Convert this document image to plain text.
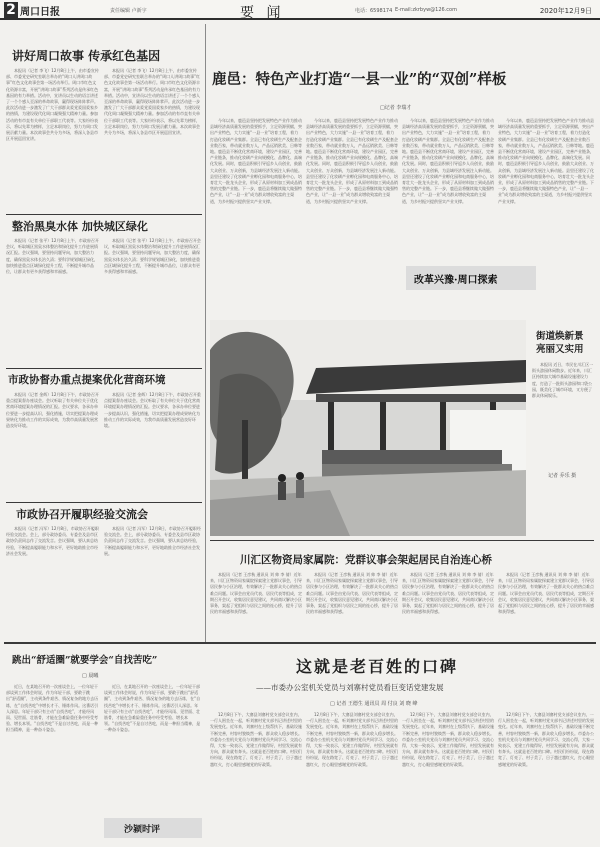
2 周口日报	责任编辑 卢新宇	电话：6598174 E-mail:zkrbyw@126.com
要 闻	2020年12月9日
讲好周口故事 传承红色基因
本报讯（记者 李飞）12月8日上午，由市委宣传部、市委党史研究室联合举办的“周口人讲周口故事”红色文化故事会第一场活动举行。周口市红色文化资源丰富，开展“讲周口故事”系列活动是传承红色基因的有力举措。活动中，宣讲员以生动的语言讲述了一个个感人至深的革命故事，赢得现场阵阵掌声。此次活动进一步激发了广大干部群众爱党爱国爱家乡的热情，为建设现代化周口凝聚强大精神力量。参加活动的有市直有关单位干部职工代表等。大家纷纷表示，将以先辈为榜样，立足本职岗位，努力为周口发展贡献力量。本次故事会共分为多场，将深入各县市区开展巡回宣讲。
本报讯（记者 李飞）12月8日上午，由市委宣传部、市委党史研究室联合举办的“周口人讲周口故事”红色文化故事会第一场活动举行。周口市红色文化资源丰富，开展“讲周口故事”系列活动是传承红色基因的有力举措。活动中，宣讲员以生动的语言讲述了一个个感人至深的革命故事，赢得现场阵阵掌声。此次活动进一步激发了广大干部群众爱党爱国爱家乡的热情，为建设现代化周口凝聚强大精神力量。参加活动的有市直有关单位干部职工代表等。大家纷纷表示，将以先辈为榜样，立足本职岗位，努力为周口发展贡献力量。本次故事会共分为多场，将深入各县市区开展巡回宣讲。
整治黑臭水体 加快城区绿化
本报讯（记者 张平）12月8日上午，市政府召开会议，听取城区黑臭水体整治和绿化提升工作进展情况汇报。会议强调，要坚持问题导向，加大整治力度，确保黑臭水体长治久清；要科学规划城区绿化，加快推进重点区域绿化提升工程，不断提升城市品位，让群众有更多获得感和幸福感。
本报讯（记者 张平）12月8日上午，市政府召开会议，听取城区黑臭水体整治和绿化提升工作进展情况汇报。会议强调，要坚持问题导向，加大整治力度，确保黑臭水体长治久清；要科学规划城区绿化，加快推进重点区域绿化提升工程，不断提升城市品位，让群众有更多获得感和幸福感。
市政协督办重点提案优化营商环境
本报讯（记者 金辉）12月8日下午，市政协召开重点提案督办座谈会。会议听取了有关单位关于优化营商环境提案办理情况的汇报。会议要求，各承办单位要进一步提高认识，强化措施，切实把提案办理成果转化为推动工作的实际成效，为我市高质量发展营造良好环境。
本报讯（记者 金辉）12月8日下午，市政协召开重点提案督办座谈会。会议听取了有关单位关于优化营商环境提案办理情况的汇报。会议要求，各承办单位要进一步提高认识，强化措施，切实把提案办理成果转化为推动工作的实际成效，为我市高质量发展营造良好环境。
市政协召开履职经验交流会
本报讯（记者 冯军）12月8日，市政协召开履职经验交流会。会上，部分政协委员、专委会及县市区政协负责同志作了交流发言。会议强调，要认真总结经验，不断提高履职能力和水平，更好地助推全市经济社会发展。
本报讯（记者 冯军）12月8日，市政协召开履职经验交流会。会上，部分政协委员、专委会及县市区政协负责同志作了交流发言。会议强调，要认真总结经验，不断提高履职能力和水平，更好地助推全市经济社会发展。
鹿邑：特色产业打造“一县一业”的“双创”样板
□记者 李瑞才
今年以来，鹿邑县坚持把发展特色产业作为推动县域经济高质量发展的重要抓手，立足资源禀赋，突出产业特色，大力实施“一县一业”培育工程，着力打造化妆刷产业集群。全县已有化妆刷生产及配套企业数百家，带动就业数万人，产品远销欧美、日韩等地。鹿邑县不断优化营商环境，建设产业园区，完善产业链条，推动化妆刷产业向规模化、品牌化、高端化发展。同时，鹿邑县积极引导返乡人员创业，鼓励大众创业、万众创新，为县域经济发展注入新动能。县里还建设了化妆刷产业孵化园和电商服务中心，培育壮大一批龙头企业，形成了从原材料加工到成品销售的完整产业链。下一步，鹿邑县将继续做大做强特色产业，让“一县一业”成为群众增收致富的主渠道，为乡村振兴提供坚实产业支撑。
今年以来，鹿邑县坚持把发展特色产业作为推动县域经济高质量发展的重要抓手，立足资源禀赋，突出产业特色，大力实施“一县一业”培育工程，着力打造化妆刷产业集群。全县已有化妆刷生产及配套企业数百家，带动就业数万人，产品远销欧美、日韩等地。鹿邑县不断优化营商环境，建设产业园区，完善产业链条，推动化妆刷产业向规模化、品牌化、高端化发展。同时，鹿邑县积极引导返乡人员创业，鼓励大众创业、万众创新，为县域经济发展注入新动能。县里还建设了化妆刷产业孵化园和电商服务中心，培育壮大一批龙头企业，形成了从原材料加工到成品销售的完整产业链。下一步，鹿邑县将继续做大做强特色产业，让“一县一业”成为群众增收致富的主渠道，为乡村振兴提供坚实产业支撑。
今年以来，鹿邑县坚持把发展特色产业作为推动县域经济高质量发展的重要抓手，立足资源禀赋，突出产业特色，大力实施“一县一业”培育工程，着力打造化妆刷产业集群。全县已有化妆刷生产及配套企业数百家，带动就业数万人，产品远销欧美、日韩等地。鹿邑县不断优化营商环境，建设产业园区，完善产业链条，推动化妆刷产业向规模化、品牌化、高端化发展。同时，鹿邑县积极引导返乡人员创业，鼓励大众创业、万众创新，为县域经济发展注入新动能。县里还建设了化妆刷产业孵化园和电商服务中心，培育壮大一批龙头企业，形成了从原材料加工到成品销售的完整产业链。下一步，鹿邑县将继续做大做强特色产业，让“一县一业”成为群众增收致富的主渠道，为乡村振兴提供坚实产业支撑。
今年以来，鹿邑县坚持把发展特色产业作为推动县域经济高质量发展的重要抓手，立足资源禀赋，突出产业特色，大力实施“一县一业”培育工程，着力打造化妆刷产业集群。全县已有化妆刷生产及配套企业数百家，带动就业数万人，产品远销欧美、日韩等地。鹿邑县不断优化营商环境，建设产业园区，完善产业链条，推动化妆刷产业向规模化、品牌化、高端化发展。同时，鹿邑县积极引导返乡人员创业，鼓励大众创业、万众创新，为县域经济发展注入新动能。县里还建设了化妆刷产业孵化园和电商服务中心，培育壮大一批龙头企业，形成了从原材料加工到成品销售的完整产业链。下一步，鹿邑县将继续做大做强特色产业，让“一县一业”成为群众增收致富的主渠道，为乡村振兴提供坚实产业支撑。
改革兴豫·周口探索
街道焕新景 亮丽又实用
本报讯 近日，市民在川汇区一街头游园休闲散步。近年来，川汇区持续加大城市基础设施建设力度，打造了一批街头游园和口袋公园，既美化了城市环境，又方便了群众休闲娱乐。
记者 乔乐 摄
川汇区物资局家属院：党群议事会架起居民自治连心桥
本报讯（记者 王彦秋 通讯员 刘 帅 李 倩）近年来，川汇区物资局家属院探索建立党群议事会，引导居民参与小区治理，有效解决了一批群众关心的热点难点问题。议事会由党员代表、居民代表等组成，定期召开会议，收集居民意见建议，共同商议解决小区事务，架起了党组织与居民之间的连心桥，提升了居民的幸福感和获得感。
本报讯（记者 王彦秋 通讯员 刘 帅 李 倩）近年来，川汇区物资局家属院探索建立党群议事会，引导居民参与小区治理，有效解决了一批群众关心的热点难点问题。议事会由党员代表、居民代表等组成，定期召开会议，收集居民意见建议，共同商议解决小区事务，架起了党组织与居民之间的连心桥，提升了居民的幸福感和获得感。
本报讯（记者 王彦秋 通讯员 刘 帅 李 倩）近年来，川汇区物资局家属院探索建立党群议事会，引导居民参与小区治理，有效解决了一批群众关心的热点难点问题。议事会由党员代表、居民代表等组成，定期召开会议，收集居民意见建议，共同商议解决小区事务，架起了党组织与居民之间的连心桥，提升了居民的幸福感和获得感。
本报讯（记者 王彦秋 通讯员 刘 帅 李 倩）近年来，川汇区物资局家属院探索建立党群议事会，引导居民参与小区治理，有效解决了一批群众关心的热点难点问题。议事会由党员代表、居民代表等组成，定期召开会议，收集居民意见建议，共同商议解决小区事务，架起了党组织与居民之间的连心桥，提升了居民的幸福感和获得感。
跳出“舒适圈”就要学会“自找苦吃”
□ 晨曦
近日，在某地召开的一次座谈会上，一位年轻干部谈到工作体会时说，作为年轻干部，要敢于跳出“舒适圈”，主动到条件艰苦、情况复杂的地方去历练，在“自找苦吃”中增长才干、锤炼作风。这番话引人深思。年轻干部只有主动“自找苦吃”，才能经风雨、见世面、壮筋骨，才能在急难险重任务中经受考验、增长本领。“自找苦吃”不是自讨苦吃，而是一种担当精神，是一种奋斗姿态。
近日，在某地召开的一次座谈会上，一位年轻干部谈到工作体会时说，作为年轻干部，要敢于跳出“舒适圈”，主动到条件艰苦、情况复杂的地方去历练，在“自找苦吃”中增长才干、锤炼作风。这番话引人深思。年轻干部只有主动“自找苦吃”，才能经风雨、见世面、壮筋骨，才能在急难险重任务中经受考验、增长本领。“自找苦吃”不是自讨苦吃，而是一种担当精神，是一种奋斗姿态。
沙颍时评
这就是老百姓的口碑
——市委办公室机关党员与刘寨村党员看巨变话党建发展
□ 记者 王德生 通讯员 周 付良 刘 晓 峰
12月8日下午，大寨县刘寨村党支部会议室内，一行人围坐在一起，听刘寨村党支部书记讲述村里的发展变化。近年来，刘寨村在上级帮扶下，基础设施不断完善，村容村貌焕然一新，群众收入稳步增长。市委办公室机关党员与刘寨村党员共同学习、交流心得，大家一致表示，党建工作做得好，村里发展就有方向，群众就有奔头。这就是老百姓的口碑。村民们纷纷说，现在路宽了、灯亮了、村子美了，日子越过越红火，打心眼里感谢党的好政策。
12月8日下午，大寨县刘寨村党支部会议室内，一行人围坐在一起，听刘寨村党支部书记讲述村里的发展变化。近年来，刘寨村在上级帮扶下，基础设施不断完善，村容村貌焕然一新，群众收入稳步增长。市委办公室机关党员与刘寨村党员共同学习、交流心得，大家一致表示，党建工作做得好，村里发展就有方向，群众就有奔头。这就是老百姓的口碑。村民们纷纷说，现在路宽了、灯亮了、村子美了，日子越过越红火，打心眼里感谢党的好政策。
12月8日下午，大寨县刘寨村党支部会议室内，一行人围坐在一起，听刘寨村党支部书记讲述村里的发展变化。近年来，刘寨村在上级帮扶下，基础设施不断完善，村容村貌焕然一新，群众收入稳步增长。市委办公室机关党员与刘寨村党员共同学习、交流心得，大家一致表示，党建工作做得好，村里发展就有方向，群众就有奔头。这就是老百姓的口碑。村民们纷纷说，现在路宽了、灯亮了、村子美了，日子越过越红火，打心眼里感谢党的好政策。
12月8日下午，大寨县刘寨村党支部会议室内，一行人围坐在一起，听刘寨村党支部书记讲述村里的发展变化。近年来，刘寨村在上级帮扶下，基础设施不断完善，村容村貌焕然一新，群众收入稳步增长。市委办公室机关党员与刘寨村党员共同学习、交流心得，大家一致表示，党建工作做得好，村里发展就有方向，群众就有奔头。这就是老百姓的口碑。村民们纷纷说，现在路宽了、灯亮了、村子美了，日子越过越红火，打心眼里感谢党的好政策。
